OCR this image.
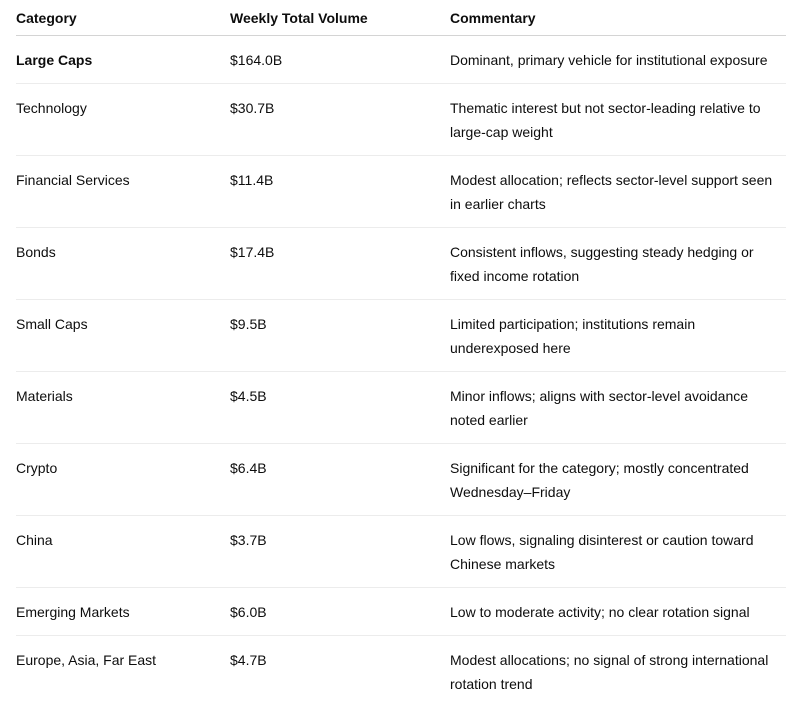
Category	Weekly Total Volume	Commentary
Large Caps	$164.0B	Dominant, primary vehicle for institutional exposure
Technology	$30.7B	Thematic interest but not sector-leading relative to large-cap weight
Financial Services	$11.4B	Modest allocation; reflects sector-level support seen in earlier charts
Bonds	$17.4B	Consistent inflows, suggesting steady hedging or fixed income rotation
Small Caps	$9.5B	Limited participation; institutions remain underexposed here
Materials	$4.5B	Minor inflows; aligns with sector-level avoidance noted earlier
Crypto	$6.4B	Significant for the category; mostly concentrated Wednesday–Friday
China	$3.7B	Low flows, signaling disinterest or caution toward Chinese markets
Emerging Markets	$6.0B	Low to moderate activity; no clear rotation signal
Europe, Asia, Far East	$4.7B	Modest allocations; no signal of strong international rotation trend
